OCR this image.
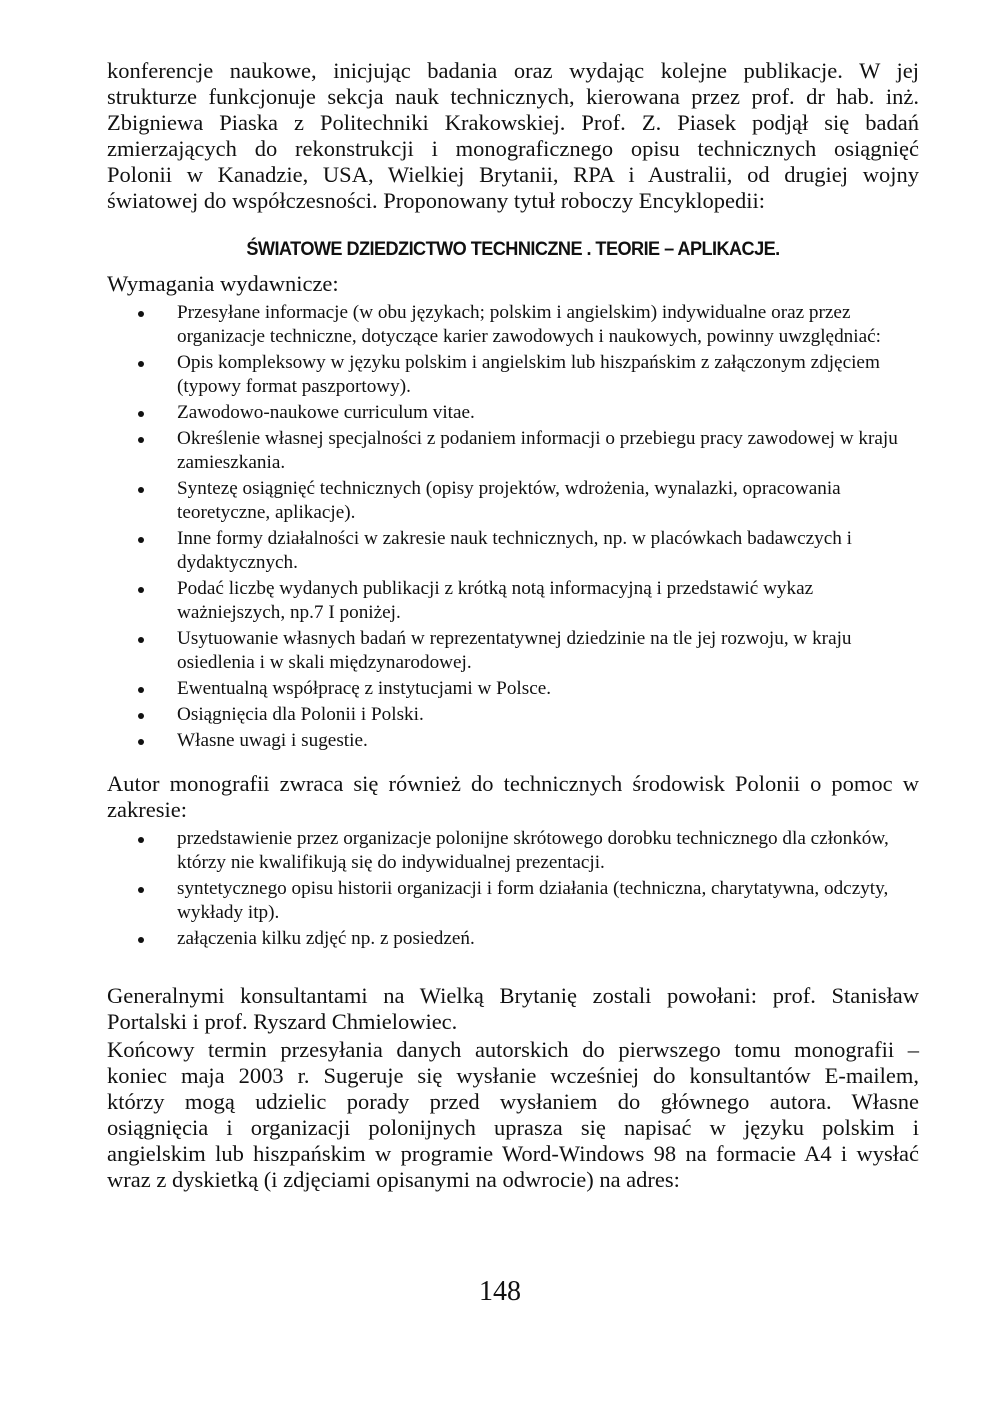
konferencje naukowe, inicjując badania oraz wydając kolejne publikacje. W jej
strukturze funkcjonuje sekcja nauk technicznych, kierowana przez prof. dr hab. inż.
Zbigniewa Piaska z Politechniki Krakowskiej. Prof. Z. Piasek podjął się badań
zmierzających do rekonstrukcji i monograficznego opisu technicznych osiągnięć
Polonii w Kanadzie, USA, Wielkiej Brytanii, RPA i Australii, od drugiej wojny
światowej do współczesności. Proponowany tytuł roboczy Encyklopedii:

ŚWIATOWE DZIEDZICTWO TECHNICZNE . TEORIE – APLIKACJE.

Wymagania wydawnicze:

Przesyłane informacje (w obu językach; polskim i angielskim) indywidualne oraz przez organizacje techniczne, dotyczące karier zawodowych i naukowych, powinny uwzględniać:
Opis kompleksowy w języku polskim i angielskim lub hiszpańskim z załączonym zdjęciem (typowy format paszportowy).
Zawodowo-naukowe curriculum vitae.
Określenie własnej specjalności z podaniem informacji o przebiegu pracy zawodowej w kraju zamieszkania.
Syntezę osiągnięć technicznych (opisy projektów, wdrożenia, wynalazki, opracowania teoretyczne, aplikacje).
Inne formy działalności w zakresie nauk technicznych, np. w placówkach badawczych i dydaktycznych.
Podać liczbę wydanych publikacji z krótką notą informacyjną i przedstawić wykaz ważniejszych, np.7 I poniżej.
Usytuowanie własnych badań w reprezentatywnej dziedzinie na tle jej rozwoju, w kraju osiedlenia i w skali międzynarodowej.
Ewentualną współpracę z instytucjami w Polsce.
Osiągnięcia dla Polonii i Polski.
Własne uwagi i sugestie.

Autor monografii zwraca się również do technicznych środowisk Polonii o pomoc w
zakresie:

przedstawienie przez organizacje polonijne skrótowego dorobku technicznego dla członków, którzy nie kwalifikują się do indywidualnej prezentacji.
syntetycznego opisu historii organizacji i form działania (techniczna, charytatywna, odczyty, wykłady itp).
załączenia kilku zdjęć np. z posiedzeń.

Generalnymi konsultantami na Wielką Brytanię zostali powołani: prof. Stanisław
Portalski i prof. Ryszard Chmielowiec.

Końcowy termin przesyłania danych autorskich do pierwszego tomu monografii –
koniec maja 2003 r. Sugeruje się wysłanie wcześniej do konsultantów E-mailem,
którzy mogą udzielic porady przed wysłaniem do głównego autora. Własne
osiągnięcia i organizacji polonijnych uprasza się napisać w języku polskim i
angielskim lub hiszpańskim w programie Word-Windows 98 na formacie A4 i wysłać
wraz z dyskietką (i zdjęciami opisanymi na odwrocie) na adres:

148
